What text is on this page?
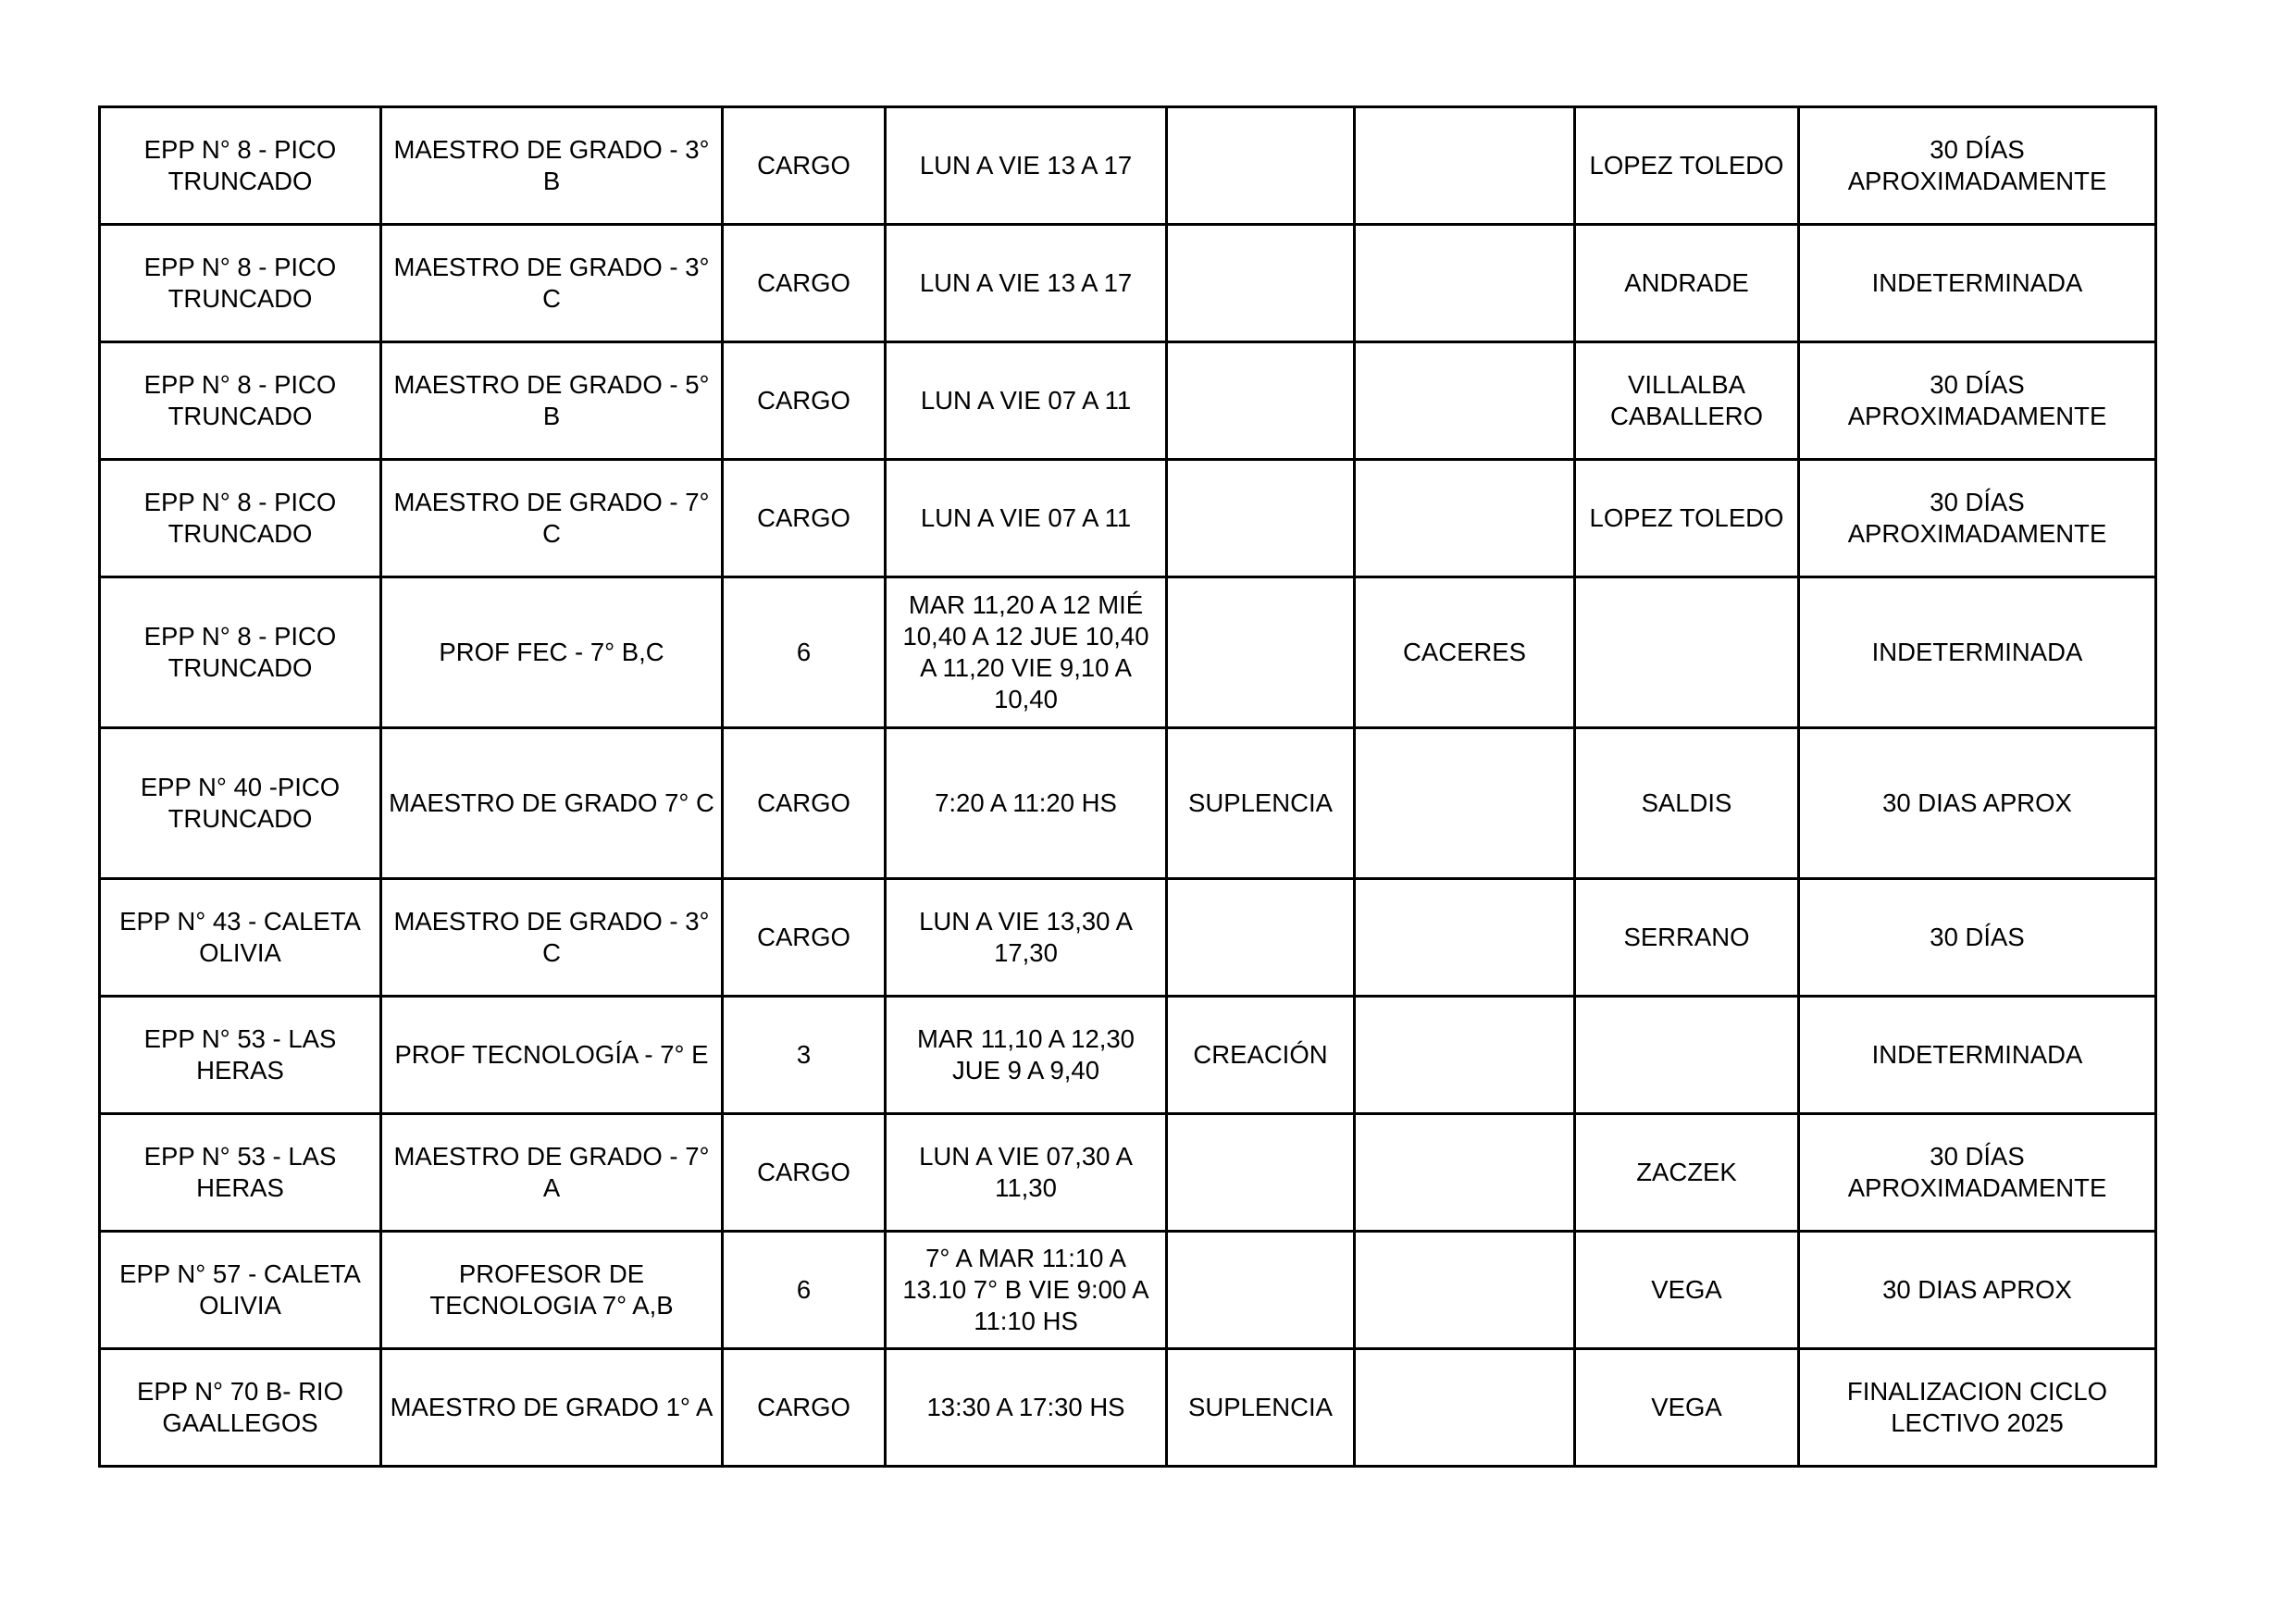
EPP N° 8 - PICO TRUNCADO	MAESTRO DE GRADO - 3° B	CARGO	LUN A VIE 13 A 17			LOPEZ TOLEDO	30 DÍAS APROXIMADAMENTE
EPP N° 8 - PICO TRUNCADO	MAESTRO DE GRADO - 3° C	CARGO	LUN A VIE 13 A 17			ANDRADE	INDETERMINADA
EPP N° 8 - PICO TRUNCADO	MAESTRO DE GRADO - 5° B	CARGO	LUN A VIE 07 A 11			VILLALBA CABALLERO	30 DÍAS APROXIMADAMENTE
EPP N° 8 - PICO TRUNCADO	MAESTRO DE GRADO - 7° C	CARGO	LUN A VIE 07 A 11			LOPEZ TOLEDO	30 DÍAS APROXIMADAMENTE
EPP N° 8 - PICO TRUNCADO	PROF FEC - 7° B,C	6	MAR 11,20 A 12 MIÉ 10,40 A 12 JUE 10,40 A 11,20 VIE 9,10 A 10,40		CACERES		INDETERMINADA
EPP N° 40 -PICO TRUNCADO	MAESTRO DE GRADO 7° C	CARGO	7:20 A 11:20 HS	SUPLENCIA		SALDIS	30 DIAS APROX
EPP N° 43 - CALETA OLIVIA	MAESTRO DE GRADO - 3° C	CARGO	LUN A VIE 13,30 A 17,30			SERRANO	30 DÍAS
EPP N° 53 - LAS HERAS	PROF TECNOLOGÍA - 7° E	3	MAR 11,10 A 12,30 JUE 9 A 9,40	CREACIÓN			INDETERMINADA
EPP N° 53 - LAS HERAS	MAESTRO DE GRADO - 7° A	CARGO	LUN A VIE 07,30 A 11,30			ZACZEK	30 DÍAS APROXIMADAMENTE
EPP N° 57 - CALETA OLIVIA	PROFESOR DE TECNOLOGIA 7° A,B	6	7° A MAR 11:10 A 13.10 7° B VIE 9:00 A 11:10 HS			VEGA	30 DIAS APROX
EPP N° 70 B- RIO GAALLEGOS	MAESTRO DE GRADO 1° A	CARGO	13:30 A 17:30 HS	SUPLENCIA		VEGA	FINALIZACION CICLO LECTIVO 2025
